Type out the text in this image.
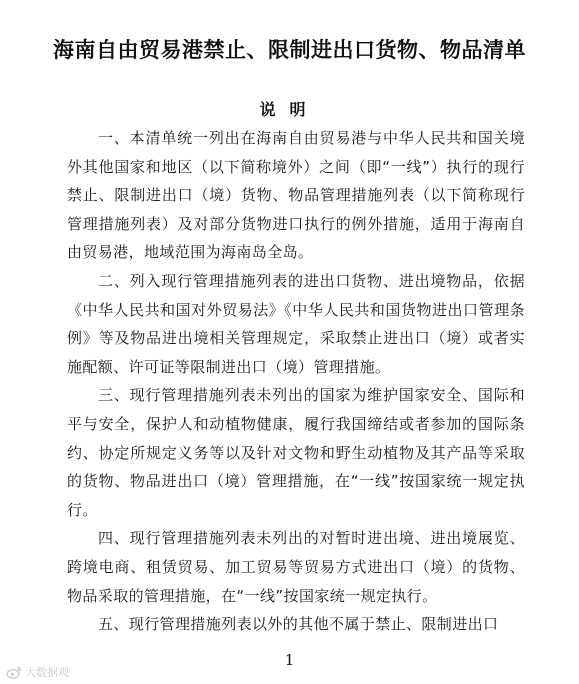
海南自由贸易港禁止、限制进出口货物、物品清单
说明

一、本清单统一列出在海南自由贸易港与中华人民共和国关境外其他国家和地区（以下简称境外）之间（即“一线”）执行的现行禁止、限制进出口（境）货物、物品管理措施列表（以下简称现行管理措施列表）及对部分货物进口执行的例外措施，适用于海南自由贸易港，地域范围为海南岛全岛。

二、列入现行管理措施列表的进出口货物、进出境物品，依据《中华人民共和国对外贸易法》《中华人民共和国货物进出口管理条例》等及物品进出境相关管理规定，采取禁止进出口（境）或者实施配额、许可证等限制进出口（境）管理措施。

三、现行管理措施列表未列出的国家为维护国家安全、国际和平与安全，保护人和动植物健康，履行我国缔结或者参加的国际条约、协定所规定义务等以及针对文物和野生动植物及其产品等采取的货物、物品进出口（境）管理措施，在“一线”按国家统一规定执行。

四、现行管理措施列表未列出的对暂时进出境、进出境展览、跨境电商、租赁贸易、加工贸易等贸易方式进出口（境）的货物、物品采取的管理措施，在“一线”按国家统一规定执行。

五、现行管理措施列表以外的其他不属于禁止、限制进出口

1
大数据观
